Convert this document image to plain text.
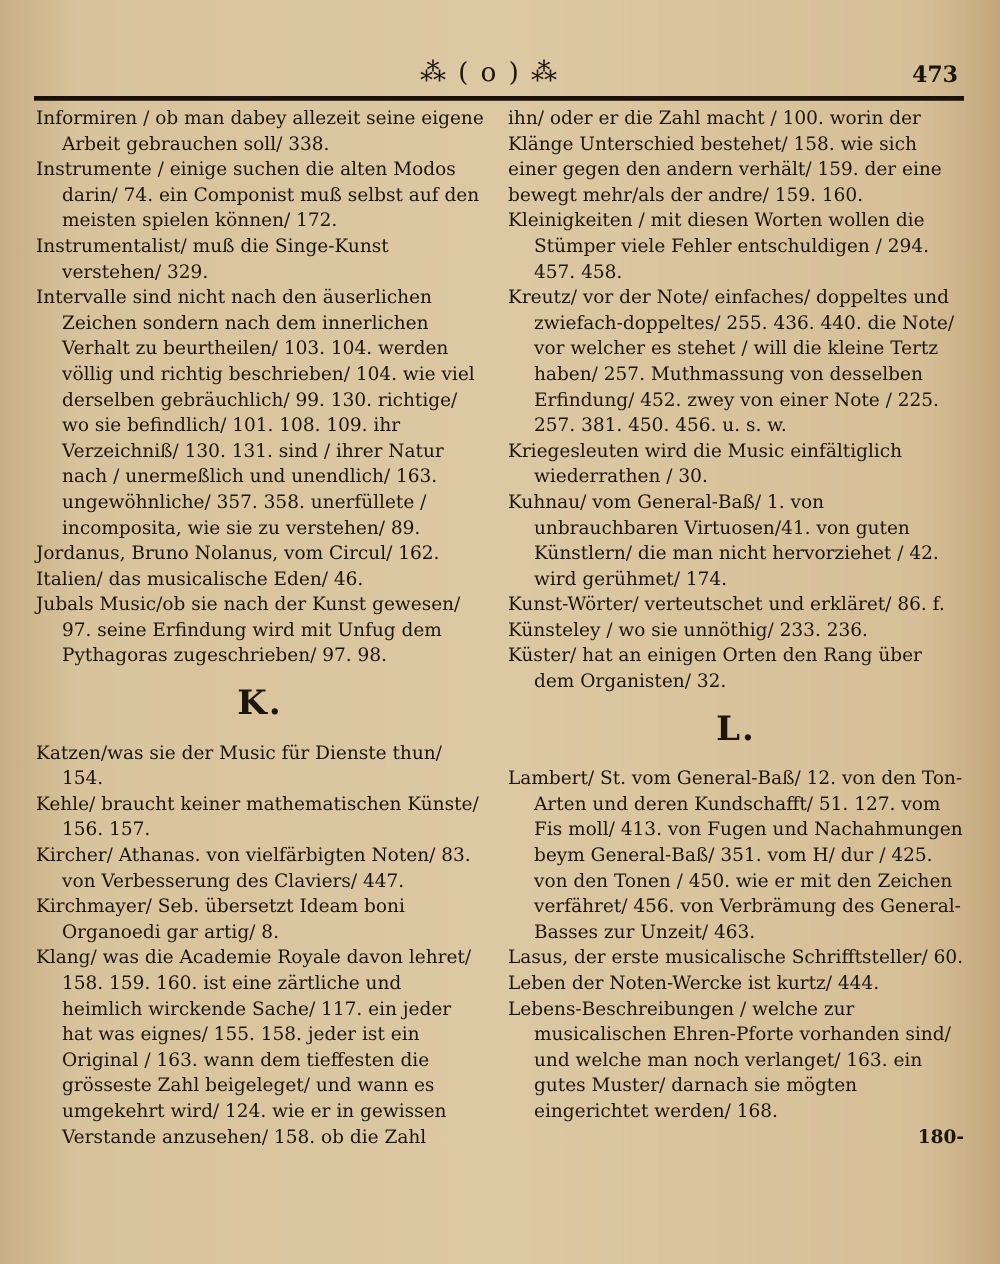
⁂ ( o ) ⁂	473

Informiren / ob man dabey allezeit seine eigene Arbeit gebrauchen soll/ 338.

Instrumente / einige suchen die alten Modos darin/ 74. ein Componist muß selbst auf den meisten spielen können/ 172.

Instrumentalist/ muß die Singe-Kunst verstehen/ 329.

Intervalle sind nicht nach den äuserlichen Zeichen sondern nach dem innerlichen Verhalt zu beurtheilen/ 103. 104. werden völlig und richtig beschrieben/ 104. wie viel derselben gebräuchlich/ 99. 130. richtige/ wo sie befindlich/ 101. 108. 109. ihr Verzeichniß/ 130. 131. sind / ihrer Natur nach / unermeßlich und unendlich/ 163. ungewöhnliche/ 357. 358. unerfüllete / incomposita, wie sie zu verstehen/ 89.

Jordanus, Bruno Nolanus, vom Circul/ 162.

Italien/ das musicalische Eden/ 46.

Jubals Music/ob sie nach der Kunst gewesen/ 97. seine Erfindung wird mit Unfug dem Pythagoras zugeschrieben/ 97. 98.

K.

Katzen/was sie der Music für Dienste thun/ 154.

Kehle/ braucht keiner mathematischen Künste/ 156. 157.

Kircher/ Athanas. von vielfärbigten Noten/ 83. von Verbesserung des Claviers/ 447.

Kirchmayer/ Seb. übersetzt Ideam boni Organoedi gar artig/ 8.

Klang/ was die Academie Royale davon lehret/ 158. 159. 160. ist eine zärtliche und heimlich wirckende Sache/ 117. ein jeder hat was eignes/ 155. 158. jeder ist ein Original / 163. wann dem tieffesten die grösseste Zahl beigeleget/ und wann es umgekehrt wird/ 124. wie er in gewissen Verstande anzusehen/ 158. ob die Zahl

ihn/ oder er die Zahl macht / 100. worin der Klänge Unterschied bestehet/ 158. wie sich einer gegen den andern verhält/ 159. der eine bewegt mehr/als der andre/ 159. 160.

Kleinigkeiten / mit diesen Worten wollen die Stümper viele Fehler entschuldigen / 294. 457. 458.

Kreutz/ vor der Note/ einfaches/ doppeltes und zwiefach-doppeltes/ 255. 436. 440. die Note/ vor welcher es stehet / will die kleine Tertz haben/ 257. Muthmassung von desselben Erfindung/ 452. zwey von einer Note / 225. 257. 381. 450. 456. u. s. w.

Kriegesleuten wird die Music einfältiglich wiederrathen / 30.

Kuhnau/ vom General-Baß/ 1. von unbrauchbaren Virtuosen/41. von guten Künstlern/ die man nicht hervorziehet / 42. wird gerühmet/ 174.

Kunst-Wörter/ verteutschet und erkläret/ 86. f.

Künsteley / wo sie unnöthig/ 233. 236.

Küster/ hat an einigen Orten den Rang über dem Organisten/ 32.

L.

Lambert/ St. vom General-Baß/ 12. von den Ton-Arten und deren Kundschafft/ 51. 127. vom Fis moll/ 413. von Fugen und Nachahmungen beym General-Baß/ 351. vom H/ dur / 425. von den Tonen / 450. wie er mit den Zeichen verfähret/ 456. von Verbrämung des General-Basses zur Unzeit/ 463.

Lasus, der erste musicalische Schrifftsteller/ 60.

Leben der Noten-Wercke ist kurtz/ 444.

Lebens-Beschreibungen / welche zur musicalischen Ehren-Pforte vorhanden sind/ und welche man noch verlanget/ 163. ein gutes Muster/ darnach sie mögten eingerichtet werden/ 168.

180-
